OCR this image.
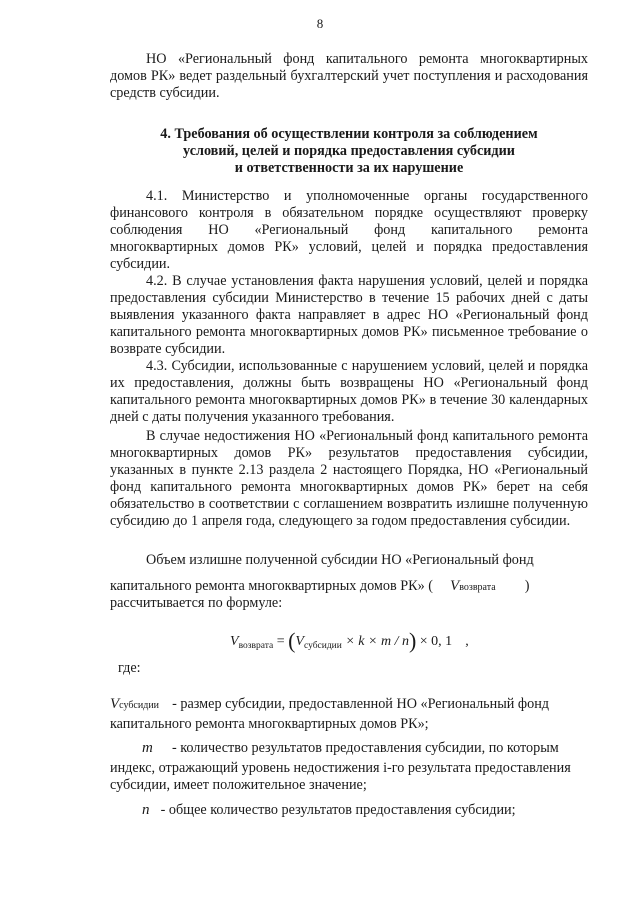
8

НО «Региональный фонд капитального ремонта многоквартирных домов РК» ведет раздельный бухгалтерский учет поступления и расходования средств субсидии.

4. Требования об осуществлении контроля за соблюдением
условий, целей и порядка предоставления субсидии
и ответственности за их нарушение

4.1. Министерство и уполномоченные органы государственного финансового контроля в обязательном порядке осуществляют проверку соблюдения НО «Региональный фонд капитального ремонта многоквартирных домов РК» условий, целей и порядка предоставления субсидии.

4.2. В случае установления факта нарушения условий, целей и порядка предоставления субсидии Министерство в течение 15 рабочих дней с даты выявления указанного факта направляет в адрес НО «Региональный фонд капитального ремонта многоквартирных домов РК» письменное требование о возврате субсидии.

4.3. Субсидии, использованные с нарушением условий, целей и порядка их предоставления, должны быть возвращены НО «Региональный фонд капитального ремонта многоквартирных домов РК» в течение 30 календарных дней с даты получения указанного требования.

В случае недостижения НО «Региональный фонд капитального ремонта многоквартирных домов РК» результатов предоставления субсидии, указанных в пункте 2.13 раздела 2 настоящего Порядка, НО «Региональный фонд капитального ремонта многоквартирных домов РК» берет на себя обязательство в соответствии с соглашением возвратить излишне полученную субсидию до 1 апреля года, следующего за годом предоставления субсидии.

Объем излишне полученной субсидии НО «Региональный фонд

капитального ремонта многоквартирных домов РК» ( Vвозврата )
рассчитывается по формуле:
$V_{возврата} = (V_{субсидии} \times k \times m / n) \times 0$, 1 ,
где:
Vсубсидии - размер субсидии, предоставленной НО «Региональный фонд
капитального ремонта многоквартирных домов РК»;
m - количество результатов предоставления субсидии, по которым
индекс, отражающий уровень недостижения i-го результата предоставления
субсидии, имеет положительное значение;
n - общее количество результатов предоставления субсидии;
